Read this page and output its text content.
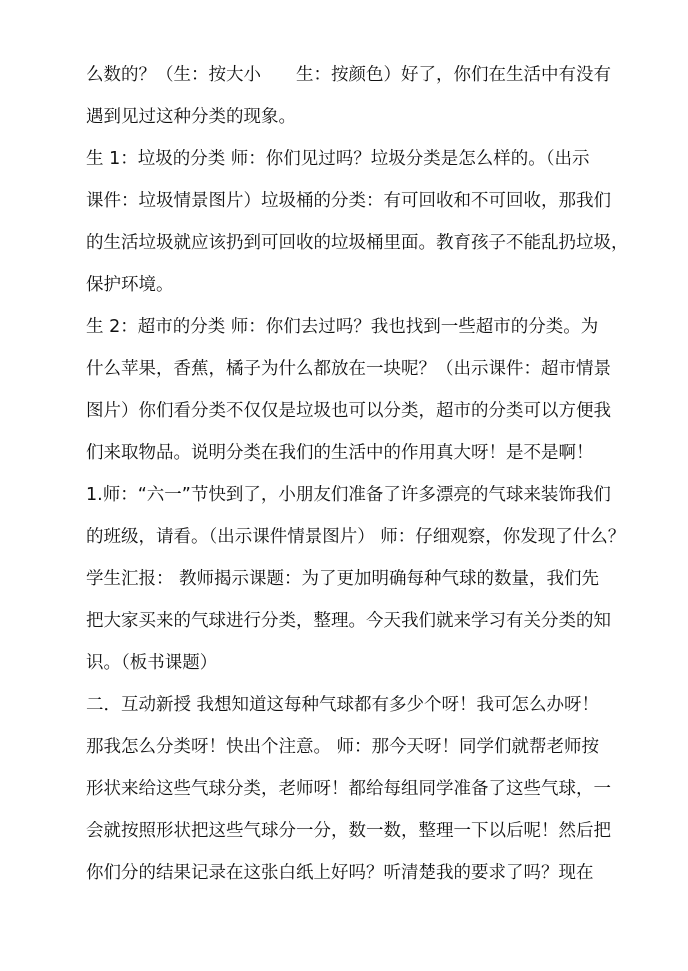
么数的？（生：按大小　　生：按颜色）好了，你们在生活中有没有
遇到见过这种分类的现象。
生 1：垃圾的分类 师：你们见过吗？垃圾分类是怎么样的。（出示
课件：垃圾情景图片）垃圾桶的分类：有可回收和不可回收，那我们
的生活垃圾就应该扔到可回收的垃圾桶里面。教育孩子不能乱扔垃圾，
保护环境。
生 2：超市的分类 师：你们去过吗？我也找到一些超市的分类。为
什么苹果，香蕉，橘子为什么都放在一块呢？（出示课件：超市情景
图片）你们看分类不仅仅是垃圾也可以分类，超市的分类可以方便我
们来取物品。说明分类在我们的生活中的作用真大呀！是不是啊！
1.师：“六一”节快到了，小朋友们准备了许多漂亮的气球来装饰我们
的班级，请看。（出示课件情景图片） 师：仔细观察，你发现了什么？
学生汇报： 教师揭示课题：为了更加明确每种气球的数量，我们先
把大家买来的气球进行分类，整理。今天我们就来学习有关分类的知
识。（板书课题）
二．互动新授 我想知道这每种气球都有多少个呀！我可怎么办呀！
那我怎么分类呀！快出个注意。 师：那今天呀！同学们就帮老师按
形状来给这些气球分类，老师呀！都给每组同学准备了这些气球，一
会就按照形状把这些气球分一分，数一数，整理一下以后呢！然后把
你们分的结果记录在这张白纸上好吗？听清楚我的要求了吗？现在
